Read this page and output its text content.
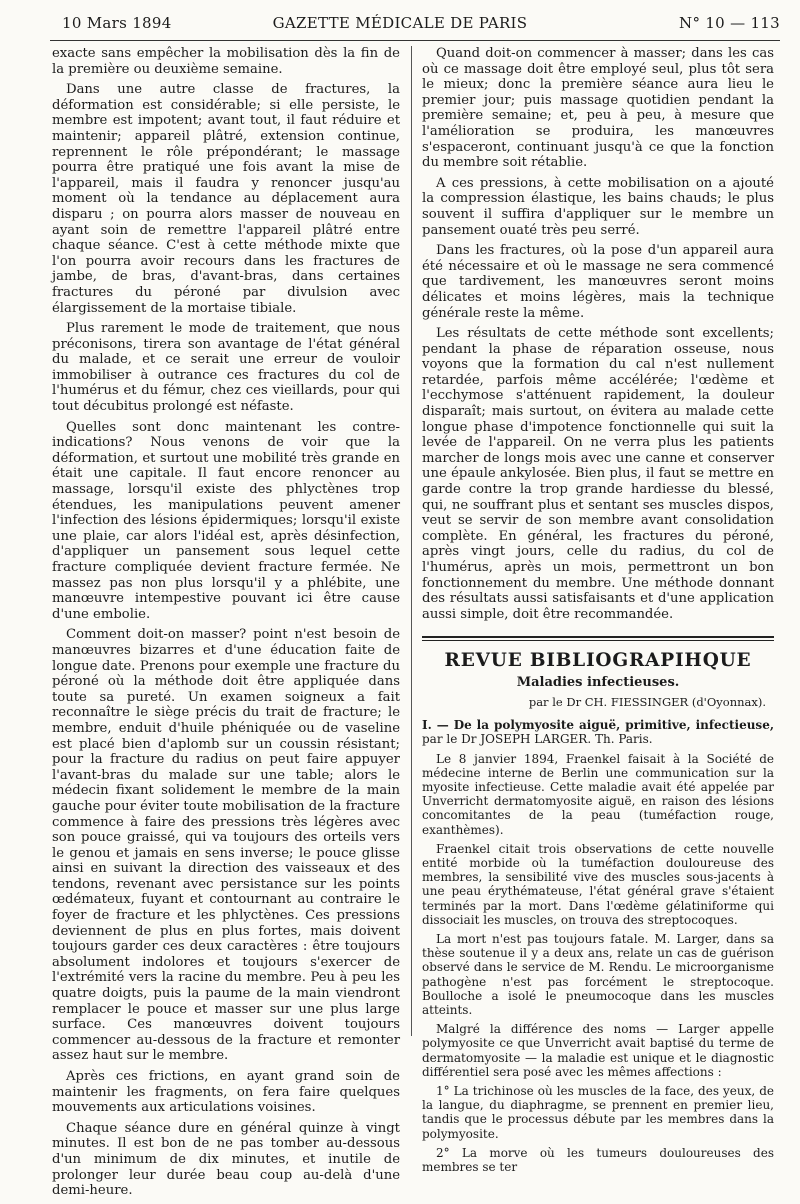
10 Mars 1894	GAZETTE MÉDICALE DE PARIS	N° 10 — 113

exacte sans empêcher la mobilisation dès la fin de la première ou deuxième semaine.

Dans une autre classe de fractures, la déformation est considérable; si elle persiste, le membre est impotent; avant tout, il faut réduire et maintenir; appareil plâtré, extension continue, reprennent le rôle prépondérant; le massage pourra être pratiqué une fois avant la mise de l'appareil, mais il faudra y renoncer jusqu'au moment où la tendance au déplacement aura disparu ; on pourra alors masser de nouveau en ayant soin de remettre l'appareil plâtré entre chaque séance. C'est à cette méthode mixte que l'on pourra avoir recours dans les fractures de jambe, de bras, d'avant-bras, dans certaines fractures du péroné par divulsion avec élargissement de la mortaise tibiale.

Plus rarement le mode de traitement, que nous préconisons, tirera son avantage de l'état général du malade, et ce serait une erreur de vouloir immobiliser à outrance ces fractures du col de l'humérus et du fémur, chez ces vieillards, pour qui tout décubitus prolongé est néfaste.

Quelles sont donc maintenant les contre-indications? Nous venons de voir que la déformation, et surtout une mobilité très grande en était une capitale. Il faut encore renoncer au massage, lorsqu'il existe des phlyctènes trop étendues, les manipulations peuvent amener l'infection des lésions épidermiques; lorsqu'il existe une plaie, car alors l'idéal est, après désinfection, d'appliquer un pansement sous lequel cette fracture compliquée devient fracture fermée. Ne massez pas non plus lorsqu'il y a phlébite, une manœuvre intempestive pouvant ici être cause d'une embolie.

Comment doit-on masser? point n'est besoin de manœuvres bizarres et d'une éducation faite de longue date. Prenons pour exemple une fracture du péroné où la méthode doit être appliquée dans toute sa pureté. Un examen soigneux a fait reconnaître le siège précis du trait de fracture; le membre, enduit d'huile phéniquée ou de vaseline est placé bien d'aplomb sur un coussin résistant; pour la fracture du radius on peut faire appuyer l'avant-bras du malade sur une table; alors le médecin fixant solidement le membre de la main gauche pour éviter toute mobilisation de la fracture commence à faire des pressions très légères avec son pouce graissé, qui va toujours des orteils vers le genou et jamais en sens inverse; le pouce glisse ainsi en suivant la direction des vaisseaux et des tendons, revenant avec persistance sur les points œdémateux, fuyant et contournant au contraire le foyer de fracture et les phlyctènes. Ces pressions deviennent de plus en plus fortes, mais doivent toujours garder ces deux caractères : être toujours absolument indolores et toujours s'exercer de l'extrémité vers la racine du membre. Peu à peu les quatre doigts, puis la paume de la main viendront remplacer le pouce et masser sur une plus large surface. Ces manœuvres doivent toujours commencer au-dessous de la fracture et remonter assez haut sur le membre.

Après ces frictions, en ayant grand soin de maintenir les fragments, on fera faire quelques mouvements aux articulations voisines.

Chaque séance dure en général quinze à vingt minutes. Il est bon de ne pas tomber au-dessous d'un minimum de dix minutes, et inutile de prolonger leur durée beau coup au-delà d'une demi-heure.

Quand doit-on commencer à masser; dans les cas où ce massage doit être employé seul, plus tôt sera le mieux; donc la première séance aura lieu le premier jour; puis massage quotidien pendant la première semaine; et, peu à peu, à mesure que l'amélioration se produira, les manœuvres s'espaceront, continuant jusqu'à ce que la fonction du membre soit rétablie.

A ces pressions, à cette mobilisation on a ajouté la compression élastique, les bains chauds; le plus souvent il suffira d'appliquer sur le membre un pansement ouaté très peu serré.

Dans les fractures, où la pose d'un appareil aura été nécessaire et où le massage ne sera commencé que tardivement, les manœuvres seront moins délicates et moins légères, mais la technique générale reste la même.

Les résultats de cette méthode sont excellents; pendant la phase de réparation osseuse, nous voyons que la formation du cal n'est nullement retardée, parfois même accélérée; l'œdème et l'ecchymose s'atténuent rapidement, la douleur disparaît; mais surtout, on évitera au malade cette longue phase d'impotence fonctionnelle qui suit la levée de l'appareil. On ne verra plus les patients marcher de longs mois avec une canne et conserver une épaule ankylosée. Bien plus, il faut se mettre en garde contre la trop grande hardiesse du blessé, qui, ne souffrant plus et sentant ses muscles dispos, veut se servir de son membre avant consolidation complète. En général, les fractures du péroné, après vingt jours, celle du radius, du col de l'humérus, après un mois, permettront un bon fonctionnement du membre. Une méthode donnant des résultats aussi satisfaisants et d'une application aussi simple, doit être recommandée.

REVUE BIBLIOGRAPIHQUE
Maladies infectieuses.
par le Dr CH. FIESSINGER (d'Oyonnax).

I. — De la polymyosite aiguë, primitive, infectieuse, par le Dr JOSEPH LARGER. Th. Paris.

Le 8 janvier 1894, Fraenkel faisait à la Société de médecine interne de Berlin une communication sur la myosite infectieuse. Cette maladie avait été appelée par Unverricht dermatomyosite aiguë, en raison des lésions concomitantes de la peau (tuméfaction rouge, exanthèmes).

Fraenkel citait trois observations de cette nouvelle entité morbide où la tuméfaction douloureuse des membres, la sensibilité vive des muscles sous-jacents à une peau érythémateuse, l'état général grave s'étaient terminés par la mort. Dans l'œdème gélatiniforme qui dissociait les muscles, on trouva des streptocoques.

La mort n'est pas toujours fatale. M. Larger, dans sa thèse soutenue il y a deux ans, relate un cas de guérison observé dans le service de M. Rendu. Le microorganisme pathogène n'est pas forcément le streptocoque. Boulloche a isolé le pneumocoque dans les muscles atteints.

Malgré la différence des noms — Larger appelle polymyosite ce que Unverricht avait baptisé du terme de dermatomyosite — la maladie est unique et le diagnostic différentiel sera posé avec les mêmes affections :

1° La trichinose où les muscles de la face, des yeux, de la langue, du diaphragme, se prennent en premier lieu, tandis que le processus débute par les membres dans la polymyosite.

2° La morve où les tumeurs douloureuses des membres se ter
